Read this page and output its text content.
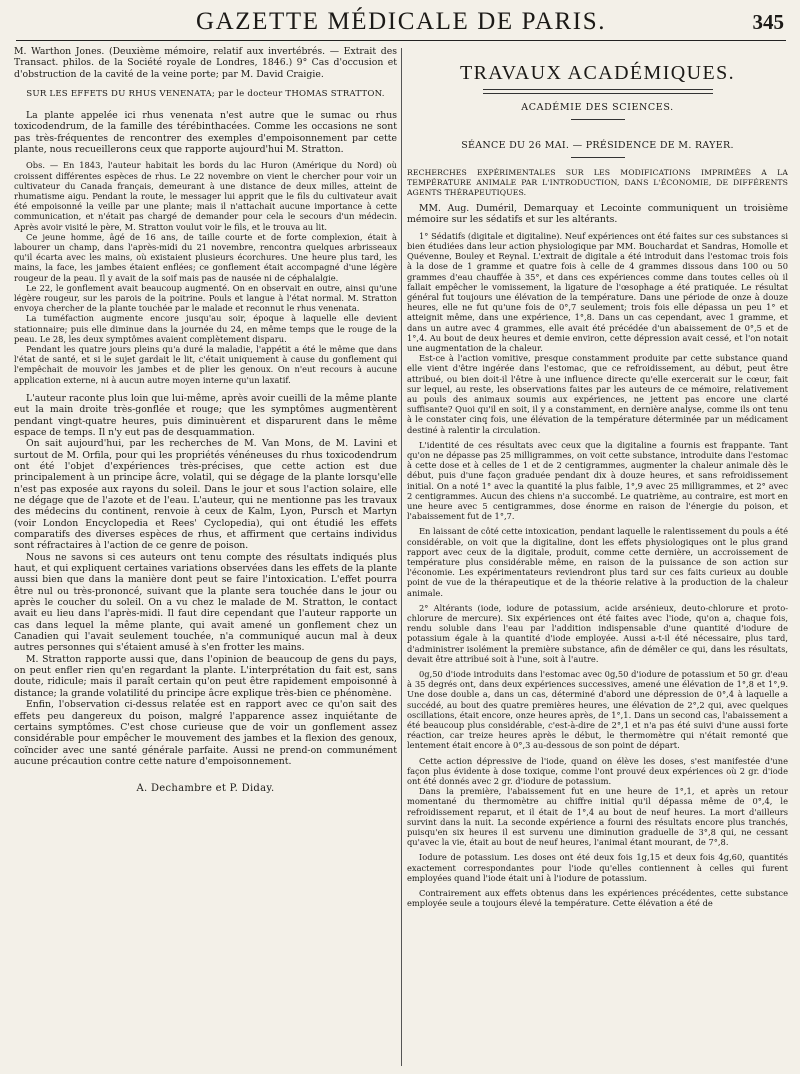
GAZETTE MÉDICALE DE PARIS.	345

M. Warthon Jones. (Deuxième mémoire, relatif aux invertébrés. — Extrait des Transact. philos. de la Société royale de Londres, 1846.) 9° Cas d'occusion et d'obstruction de la cavité de la veine porte; par M. David Craigie.

SUR LES EFFETS DU RHUS VENENATA; par le docteur THOMAS STRATTON.

La plante appelée ici rhus venenata n'est autre que le sumac ou rhus toxicodendrum, de la famille des térébinthacées. Comme les occasions ne sont pas très-fréquentes de rencontrer des exemples d'empoisonnement par cette plante, nous recueillerons ceux que rapporte aujourd'hui M. Stratton.

Obs. — En 1843, l'auteur habitait les bords du lac Huron (Amérique du Nord) où croissent différentes espèces de rhus. Le 22 novembre on vient le chercher pour voir un cultivateur du Canada français, demeurant à une distance de deux milles, atteint de rhumatisme aigu. Pendant la route, le messager lui apprit que le fils du cultivateur avait été empoisonné la veille par une plante; mais il n'attachait aucune importance à cette communication, et n'était pas chargé de demander pour cela le secours d'un médecin. Après avoir visité le père, M. Stratton voulut voir le fils, et le trouva au lit.

Ce jeune homme, âgé de 16 ans, de taille courte et de forte complexion, était à labourer un champ, dans l'après-midi du 21 novembre, rencontra quelques arbrisseaux qu'il écarta avec les mains, où existaient plusieurs écorchures. Une heure plus tard, les mains, la face, les jambes étaient enflées; ce gonflement était accompagné d'une légère rougeur de la peau. Il y avait de la soif mais pas de nausée ni de céphalalgie.

Le 22, le gonflement avait beaucoup augmenté. On en observait en outre, ainsi qu'une légère rougeur, sur les parois de la poitrine. Pouls et langue à l'état normal. M. Stratton envoya chercher de la plante touchée par le malade et reconnut le rhus venenata.

La tuméfaction augmente encore jusqu'au soir, époque à laquelle elle devient stationnaire; puis elle diminue dans la journée du 24, en même temps que le rouge de la peau. Le 28, les deux symptômes avaient complètement disparu.

Pendant les quatre jours pleins qu'a duré la maladie, l'appétit a été le même que dans l'état de santé, et si le sujet gardait le lit, c'était uniquement à cause du gonflement qui l'empêchait de mouvoir les jambes et de plier les genoux. On n'eut recours à aucune application externe, ni à aucun autre moyen interne qu'un laxatif.

L'auteur raconte plus loin que lui-même, après avoir cueilli de la même plante eut la main droite très-gonflée et rouge; que les symptômes augmentèrent pendant vingt-quatre heures, puis diminuèrent et disparurent dans le même espace de temps. Il n'y eut pas de desquammation.

On sait aujourd'hui, par les recherches de M. Van Mons, de M. Lavini et surtout de M. Orfila, pour qui les propriétés vénéneuses du rhus toxicodendrum ont été l'objet d'expériences très-précises, que cette action est due principalement à un principe âcre, volatil, qui se dégage de la plante lorsqu'elle n'est pas exposée aux rayons du soleil. Dans le jour et sous l'action solaire, elle ne dégage que de l'azote et de l'eau. L'auteur, qui ne mentionne pas les travaux des médecins du continent, renvoie à ceux de Kalm, Lyon, Pursch et Martyn (voir London Encyclopedia et Rees' Cyclopedia), qui ont étudié les effets comparatifs des diverses espèces de rhus, et affirment que certains individus sont réfractaires à l'action de ce genre de poison.

Nous ne savons si ces auteurs ont tenu compte des résultats indiqués plus haut, et qui expliquent certaines variations observées dans les effets de la plante aussi bien que dans la manière dont peut se faire l'intoxication. L'effet pourra être nul ou très-prononcé, suivant que la plante sera touchée dans le jour ou après le coucher du soleil. On a vu chez le malade de M. Stratton, le contact avait eu lieu dans l'après-midi. Il faut dire cependant que l'auteur rapporte un cas dans lequel la même plante, qui avait amené un gonflement chez un Canadien qui l'avait seulement touchée, n'a communiqué aucun mal à deux autres personnes qui s'étaient amusé à s'en frotter les mains.

M. Stratton rapporte aussi que, dans l'opinion de beaucoup de gens du pays, on peut enfler rien qu'en regardant la plante. L'interprétation du fait est, sans doute, ridicule; mais il paraît certain qu'on peut être rapidement empoisonné à distance; la grande volatilité du principe âcre explique très-bien ce phénomène.

Enfin, l'observation ci-dessus relatée est en rapport avec ce qu'on sait des effets peu dangereux du poison, malgré l'apparence assez inquiétante de certains symptômes. C'est chose curieuse que de voir un gonflement assez considérable pour empêcher le mouvement des jambes et la flexion des genoux, coïncider avec une santé générale parfaite. Aussi ne prend-on communément aucune précaution contre cette nature d'empoisonnement.

A. Dechambre et P. Diday.
TRAVAUX ACADÉMIQUES.
ACADÉMIE DES SCIENCES.
SÉANCE DU 26 MAI. — PRÉSIDENCE DE M. RAYER.

RECHERCHES EXPÉRIMENTALES SUR LES MODIFICATIONS IMPRIMÉES A LA TEMPÉRATURE ANIMALE PAR L'INTRODUCTION, DANS L'ÉCONOMIE, DE DIFFÉRENTS AGENTS THÉRAPEUTIQUES.

MM. Aug. Duméril, Demarquay et Lecointe communiquent un troisième mémoire sur les sédatifs et sur les altérants.

1° Sédatifs (digitale et digitaline). Neuf expériences ont été faites sur ces substances si bien étudiées dans leur action physiologique par MM. Bouchardat et Sandras, Homolle et Quévenne, Bouley et Reynal. L'extrait de digitale a été introduit dans l'estomac trois fois à la dose de 1 gramme et quatre fois à celle de 4 grammes dissous dans 100 ou 50 grammes d'eau chauffée à 35°, et dans ces expériences comme dans toutes celles où il fallait empêcher le vomissement, la ligature de l'œsophage a été pratiquée. Le résultat général fut toujours une élévation de la température. Dans une période de onze à douze heures, elle ne fut qu'une fois de 0°,7 seulement; trois fois elle dépassa un peu 1° et atteignit même, dans une expérience, 1°,8. Dans un cas cependant, avec 1 gramme, et dans un autre avec 4 grammes, elle avait été précédée d'un abaissement de 0°,5 et de 1°,4. Au bout de deux heures et demie environ, cette dépression avait cessé, et l'on notait une augmentation de la chaleur.

Est-ce à l'action vomitive, presque constamment produite par cette substance quand elle vient d'être ingérée dans l'estomac, que ce refroidissement, au début, peut être attribué, ou bien doit-il l'être à une influence directe qu'elle exercerait sur le cœur, fait sur lequel, au reste, les observations faites par les auteurs de ce mémoire, relativement au pouls des animaux soumis aux expériences, ne jettent pas encore une clarté suffisante? Quoi qu'il en soit, il y a constamment, en dernière analyse, comme ils ont tenu à le constater cinq fois, une élévation de la température déterminée par un médicament destiné à ralentir la circulation.

L'identité de ces résultats avec ceux que la digitaline a fournis est frappante. Tant qu'on ne dépasse pas 25 milligrammes, on voit cette substance, introduite dans l'estomac à cette dose et à celles de 1 et de 2 centigrammes, augmenter la chaleur animale dès le début, puis d'une façon graduée pendant dix à douze heures, et sans refroidissement initial. On a noté 1° avec la quantité la plus faible, 1°,9 avec 25 milligrammes, et 2° avec 2 centigrammes. Aucun des chiens n'a succombé. Le quatrième, au contraire, est mort en une heure avec 5 centigrammes, dose énorme en raison de l'énergie du poison, et l'abaissement fut de 1°,7.

En laissant de côté cette intoxication, pendant laquelle le ralentissement du pouls a été considérable, on voit que la digitaline, dont les effets physiologiques ont le plus grand rapport avec ceux de la digitale, produit, comme cette dernière, un accroissement de température plus considérable même, en raison de la puissance de son action sur l'économie. Les expérimentateurs reviendront plus tard sur ces faits curieux au double point de vue de la thérapeutique et de la théorie relative à la production de la chaleur animale.

2° Altérants (iode, iodure de potassium, acide arsénieux, deuto-chlorure et proto-chlorure de mercure). Six expériences ont été faites avec l'iode, qu'on a, chaque fois, rendu soluble dans l'eau par l'addition indispensable d'une quantité d'iodure de potassium égale à la quantité d'iode employée. Aussi a-t-il été nécessaire, plus tard, d'administrer isolément la première substance, afin de démêler ce qui, dans les résultats, devait être attribué soit à l'une, soit à l'autre.

0g,50 d'iode introduits dans l'estomac avec 0g,50 d'iodure de potassium et 50 gr. d'eau à 35 degrés ont, dans deux expériences successives, amené une élévation de 1°,8 et 1°,9. Une dose double a, dans un cas, déterminé d'abord une dépression de 0°,4 à laquelle a succédé, au bout des quatre premières heures, une élévation de 2°,2 qui, avec quelques oscillations, était encore, onze heures après, de 1°,1. Dans un second cas, l'abaissement a été beaucoup plus considérable, c'est-à-dire de 2°,1 et n'a pas été suivi d'une aussi forte réaction, car treize heures après le début, le thermomètre qui n'était remonté que lentement était encore à 0°,3 au-dessous de son point de départ.

Cette action dépressive de l'iode, quand on élève les doses, s'est manifestée d'une façon plus évidente à dose toxique, comme l'ont prouvé deux expériences où 2 gr. d'iode ont été donnés avec 2 gr. d'iodure de potassium.

Dans la première, l'abaissement fut en une heure de 1°,1, et après un retour momentané du thermomètre au chiffre initial qu'il dépassa même de 0°,4, le refroidissement reparut, et il était de 1°,4 au bout de neuf heures. La mort d'ailleurs survint dans la nuit. La seconde expérience a fourni des résultats encore plus tranchés, puisqu'en six heures il est survenu une diminution graduelle de 3°,8 qui, ne cessant qu'avec la vie, était au bout de neuf heures, l'animal étant mourant, de 7°,8.

Iodure de potassium. Les doses ont été deux fois 1g,15 et deux fois 4g,60, quantités exactement correspondantes pour l'iode qu'elles contiennent à celles qui furent employées quand l'iode était uni à l'iodure de potassium.

Contrairement aux effets obtenus dans les expériences précédentes, cette substance employée seule a toujours élevé la température. Cette élévation a été de
